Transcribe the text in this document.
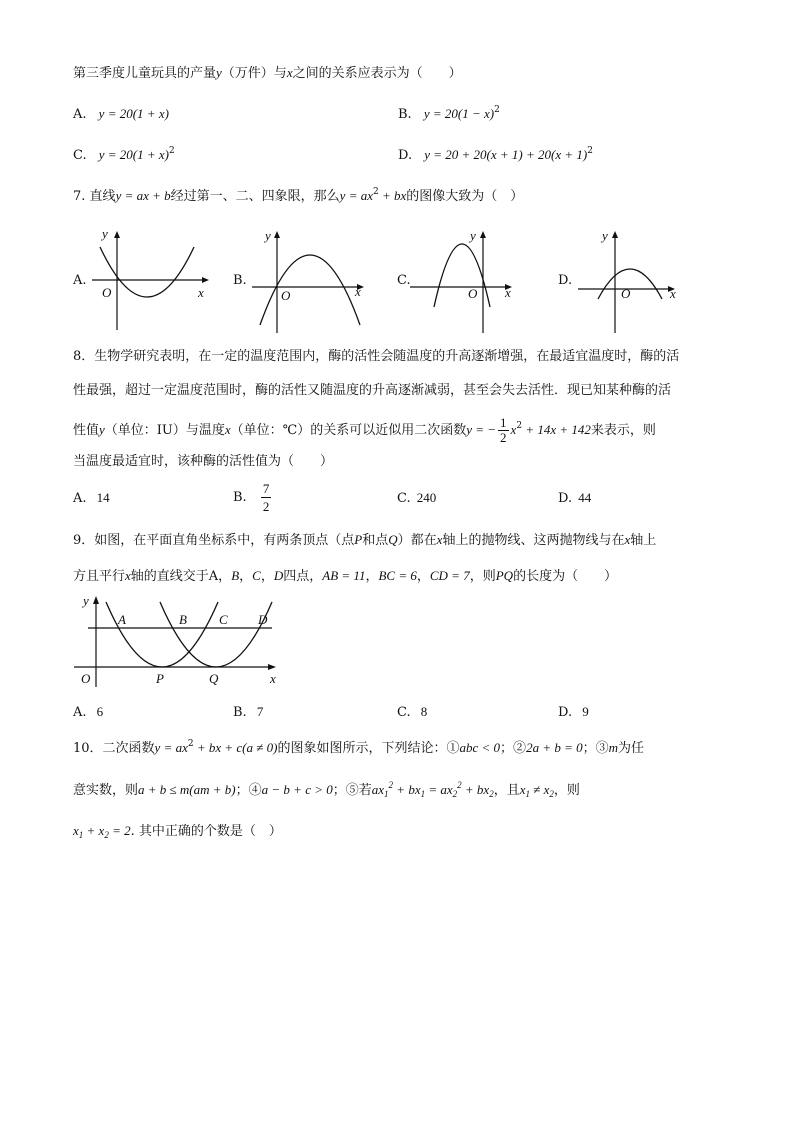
第三季度儿童玩具的产量y（万件）与x之间的关系应表示为（　　）
A. y = 20(1 + x)	B. $y = 20(1 - x)^2$
C. $y = 20(1 + x)^2$	D. $y = 20 + 20(x + 1) + 20(x + 1)^2$
7. 直线y = ax + b经过第一、二、四象限，那么$y = ax^2$ + bx的图像大致为（　）
A.
y
x
O
B.
y
x
O
C.
y
x
O
D.
y
x
O
8．生物学研究表明，在一定的温度范围内，酶的活性会随温度的升高逐渐增强，在最适宜温度时，酶的活
性最强，超过一定温度范围时，酶的活性又随温度的升高逐渐减弱，甚至会失去活性．现已知某种酶的活
性值y（单位：IU）与温度x（单位：℃）的关系可以近似用二次函数y = − $\frac{1}{2} x^2 + 14x + 142$来表示，则
当温度最适宜时，该种酶的活性值为（　　）
A. 14	B. $\frac{7}{2}$	C. 240	D. 44
9．如图，在平面直角坐标系中，有两条顶点（点P和点Q）都在x轴上的抛物线、这两抛物线与在x轴上
方且平行x轴的直线交于A，B，C，D四点，AB = 11，BC = 6，CD = 7，则PQ的长度为（　　）
y
x
O
A	B C D
P	Q
A. 6	B. 7	C. 8	D. 9
10．二次函数$y = ax^2$ + bx + c(a ≠ 0)的图象如图所示，下列结论：①abc < 0；②2a + b = 0；③m为任
意实数，则a + b ≤ m(am + b)；④a − b + c > 0；⑤若$ax_1^2 + bx_1 = ax_2^2 + bx_2$，且$x_1 \ne x_2$，则
$x_1 + x_2 = 2$. 其中正确的个数是（　）
